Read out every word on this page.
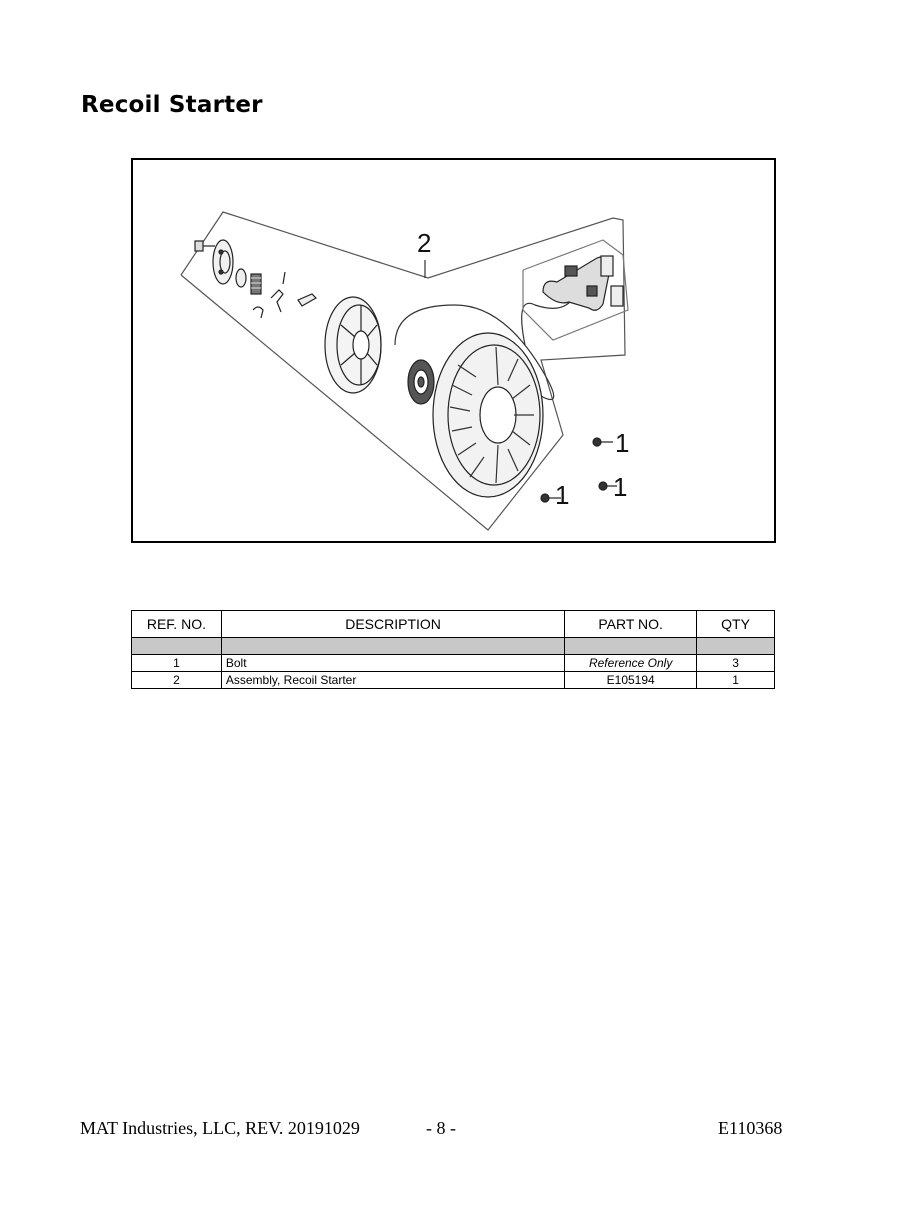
Recoil Starter
2
1
1 1
REF. NO.	DESCRIPTION	PART NO.	QTY

1	Bolt	Reference Only	3
2	Assembly, Recoil Starter	E105194	1
MAT Industries, LLC, REV. 20191029	- 8 -	E110368
